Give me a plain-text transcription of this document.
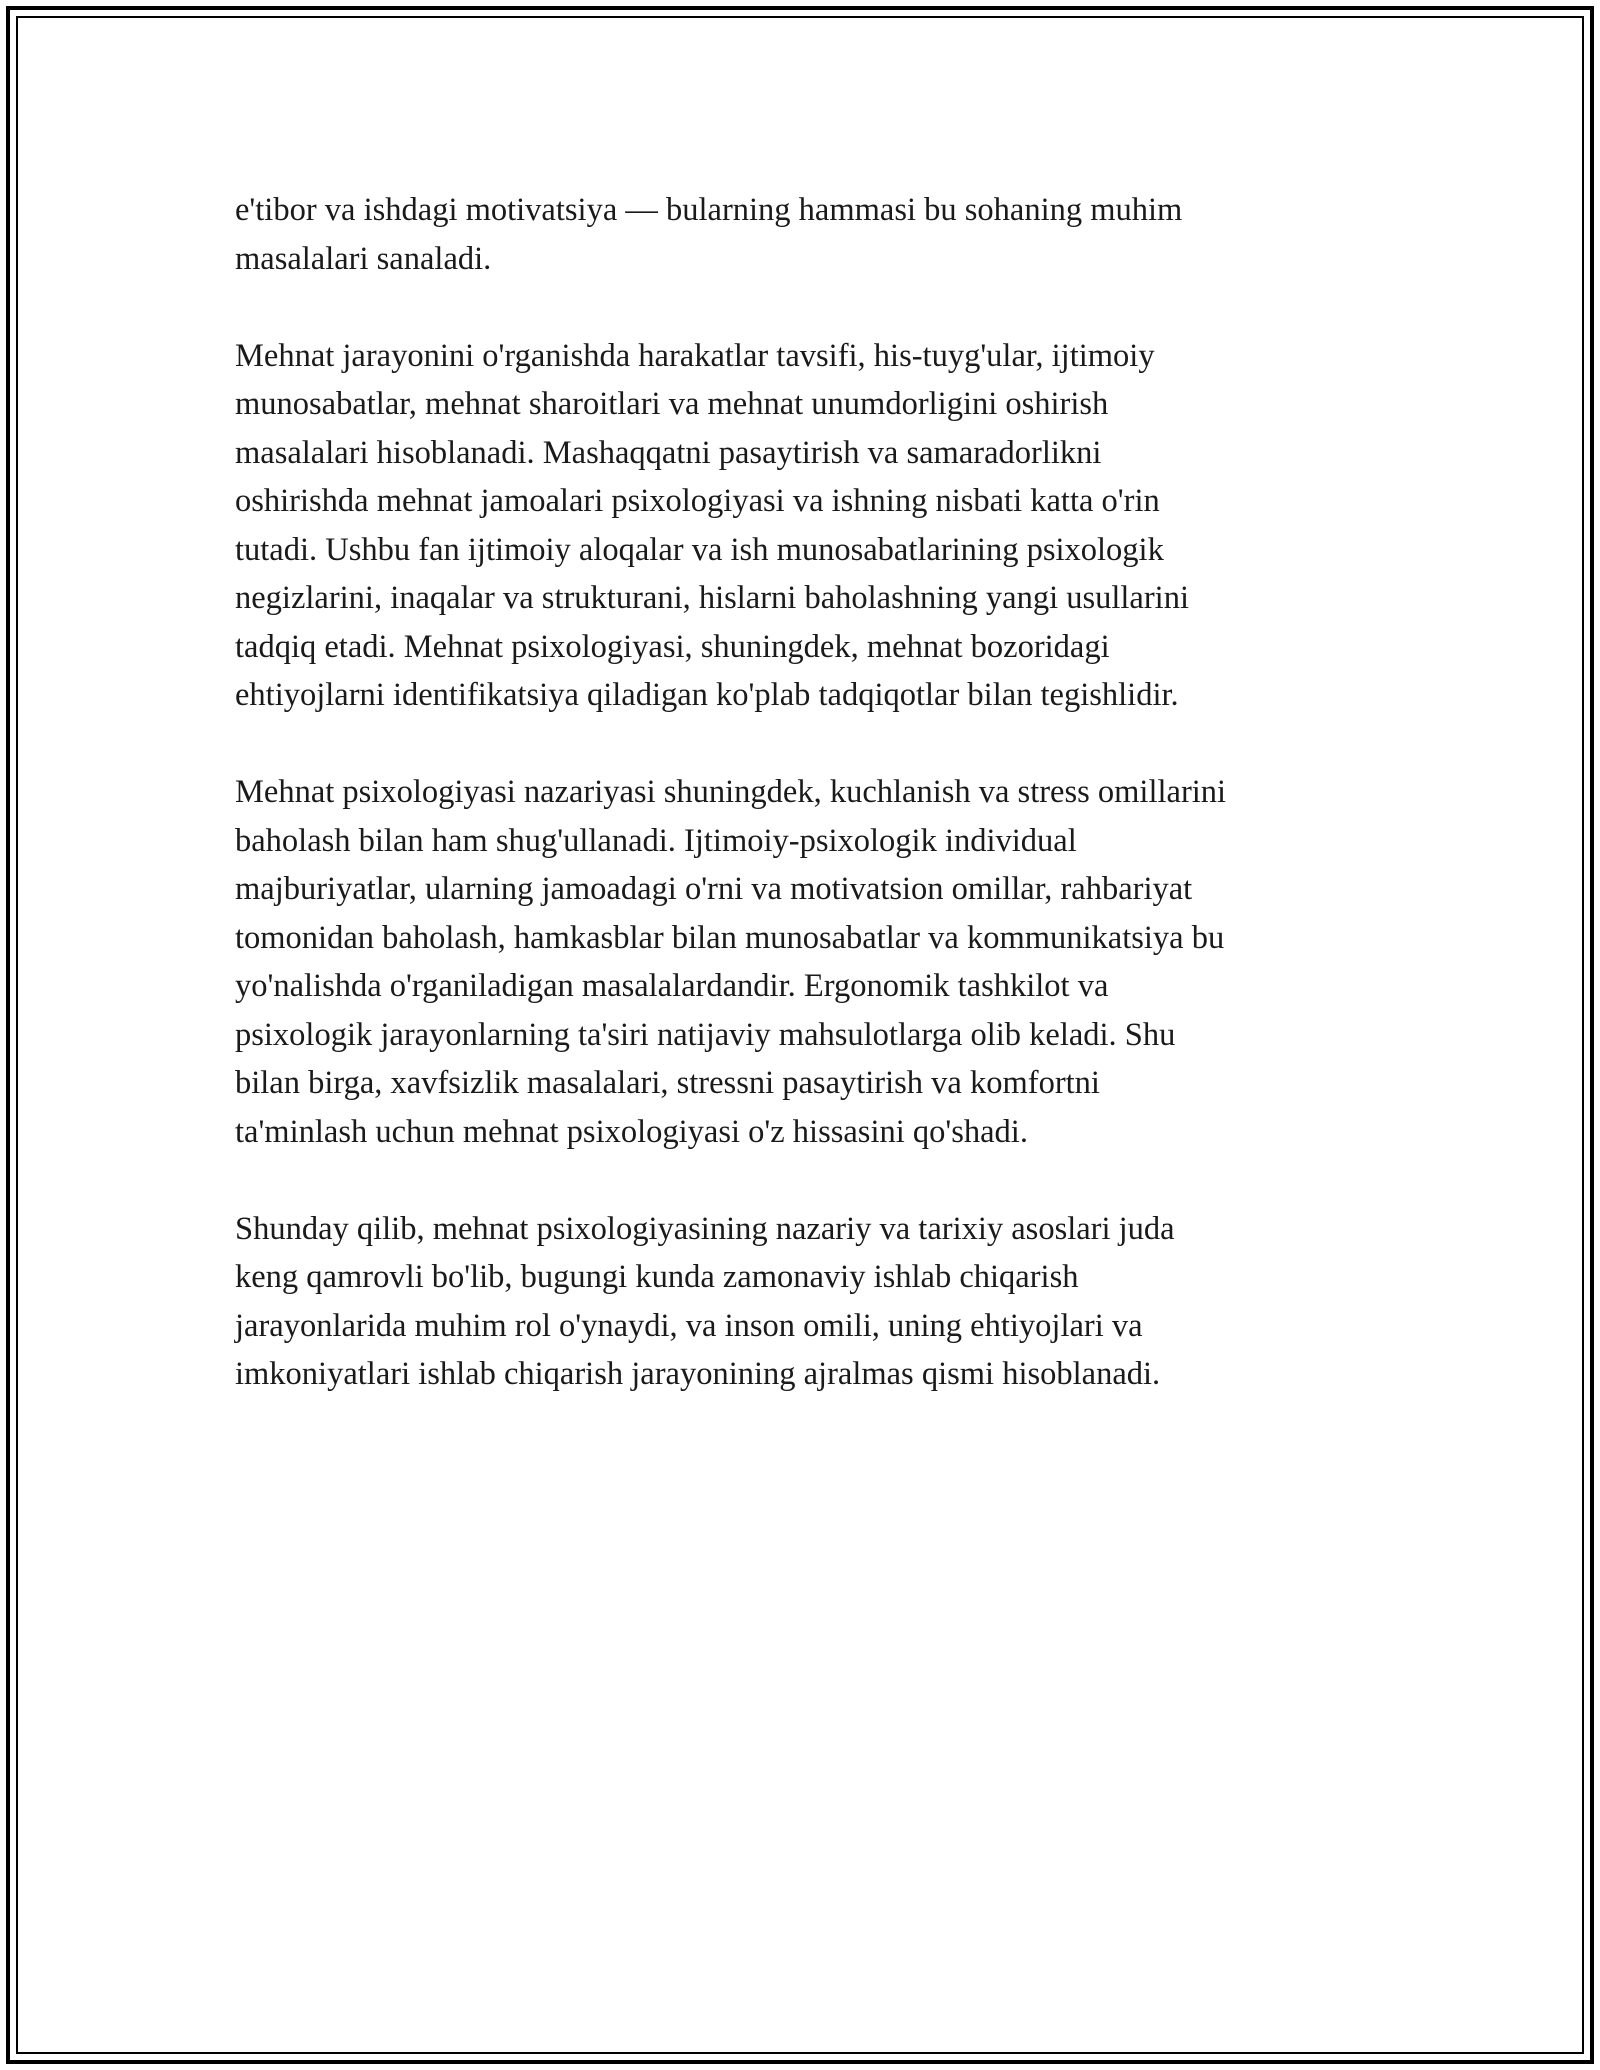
e'tibor va ishdagi motivatsiya — bularning hammasi bu sohaning muhim
masalalari sanaladi.

Mehnat jarayonini o'rganishda harakatlar tavsifi, his-tuyg'ular, ijtimoiy
munosabatlar, mehnat sharoitlari va mehnat unumdorligini oshirish
masalalari hisoblanadi. Mashaqqatni pasaytirish va samaradorlikni
oshirishda mehnat jamoalari psixologiyasi va ishning nisbati katta o'rin
tutadi. Ushbu fan ijtimoiy aloqalar va ish munosabatlarining psixologik
negizlarini, inaqalar va strukturani, hislarni baholashning yangi usullarini
tadqiq etadi. Mehnat psixologiyasi, shuningdek, mehnat bozoridagi
ehtiyojlarni identifikatsiya qiladigan ko'plab tadqiqotlar bilan tegishlidir.

Mehnat psixologiyasi nazariyasi shuningdek, kuchlanish va stress omillarini
baholash bilan ham shug'ullanadi. Ijtimoiy-psixologik individual
majburiyatlar, ularning jamoadagi o'rni va motivatsion omillar, rahbariyat
tomonidan baholash, hamkasblar bilan munosabatlar va kommunikatsiya bu
yo'nalishda o'rganiladigan masalalardandir. Ergonomik tashkilot va
psixologik jarayonlarning ta'siri natijaviy mahsulotlarga olib keladi. Shu
bilan birga, xavfsizlik masalalari, stressni pasaytirish va komfortni
ta'minlash uchun mehnat psixologiyasi o'z hissasini qo'shadi.

Shunday qilib, mehnat psixologiyasining nazariy va tarixiy asoslari juda
keng qamrovli bo'lib, bugungi kunda zamonaviy ishlab chiqarish
jarayonlarida muhim rol o'ynaydi, va inson omili, uning ehtiyojlari va
imkoniyatlari ishlab chiqarish jarayonining ajralmas qismi hisoblanadi.
